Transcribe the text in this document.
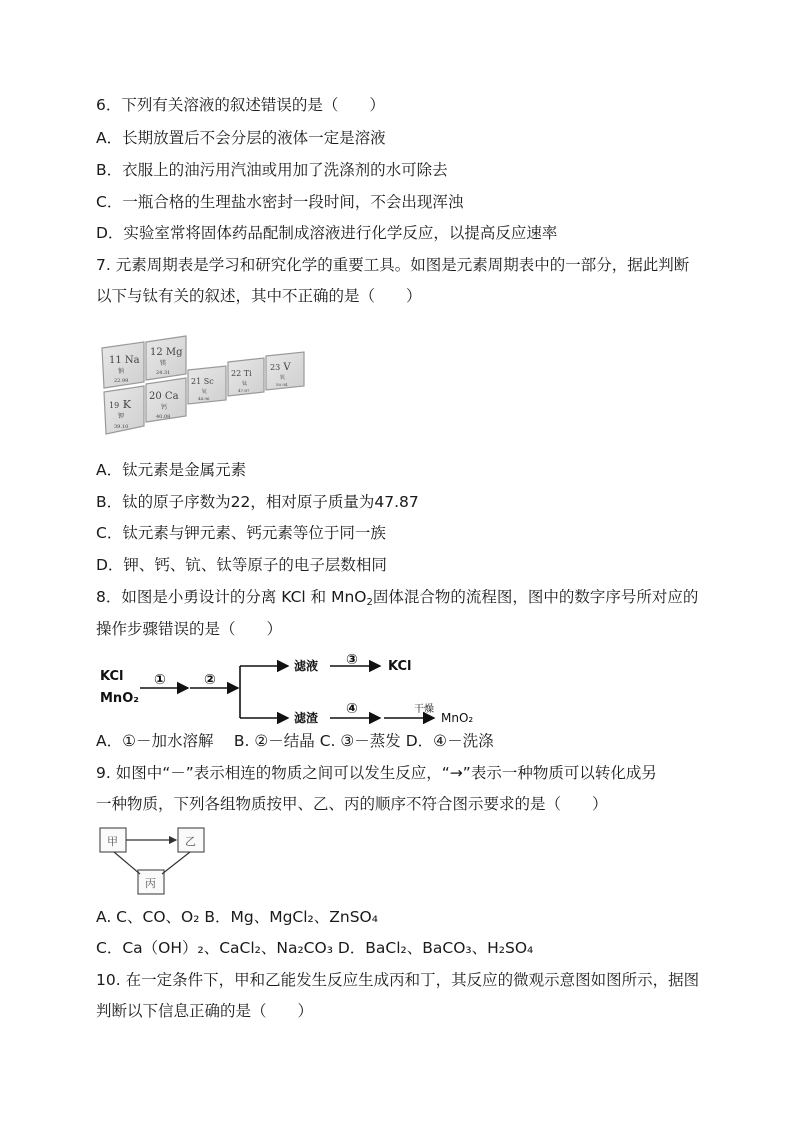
6．下列有关溶液的叙述错误的是（　　）
A．长期放置后不会分层的液体一定是溶液
B．衣服上的油污用汽油或用加了洗涤剂的水可除去
C．一瓶合格的生理盐水密封一段时间，不会出现浑浊
D．实验室常将固体药品配制成溶液进行化学反应，以提高反应速率
7. 元素周期表是学习和研究化学的重要工具。如图是元素周期表中的一部分，据此判断
以下与钛有关的叙述，其中不正确的是（　　）
11 Na
钠
22.99
12 Mg
镁
24.31
19 K
钾
39.10
20 Ca
钙
40.08
21 Sc
钪
44.96
22 Ti
钛
47.87
23 V
钒
50.94
A．钛元素是金属元素
B．钛的原子序数为22，相对原子质量为47.87
C．钛元素与钾元素、钙元素等位于同一族
D．钾、钙、钪、钛等原子的电子层数相同
8．如图是小勇设计的分离 KCl 和 MnO$_2$固体混合物的流程图，图中的数字序号所对应的
操作步骤错误的是（　　）
KCl
MnO₂
①	②
滤液 ③ KCl
滤渣
④	干燥
MnO₂
A．①－加水溶解　 B. ②－结晶 C. ③－蒸发 D．④－洗涤
9. 如图中“－”表示相连的物质之间可以发生反应，“→”表示一种物质可以转化成另
一种物质，下列各组物质按甲、乙、丙的顺序不符合图示要求的是（　　）
甲	乙
丙
A. C、CO、O₂ B．Mg、MgCl₂、ZnSO₄
C．Ca（OH）₂、CaCl₂、Na₂CO₃ D．BaCl₂、BaCO₃、H₂SO₄
10. 在一定条件下，甲和乙能发生反应生成丙和丁，其反应的微观示意图如图所示，据图
判断以下信息正确的是（　　）
